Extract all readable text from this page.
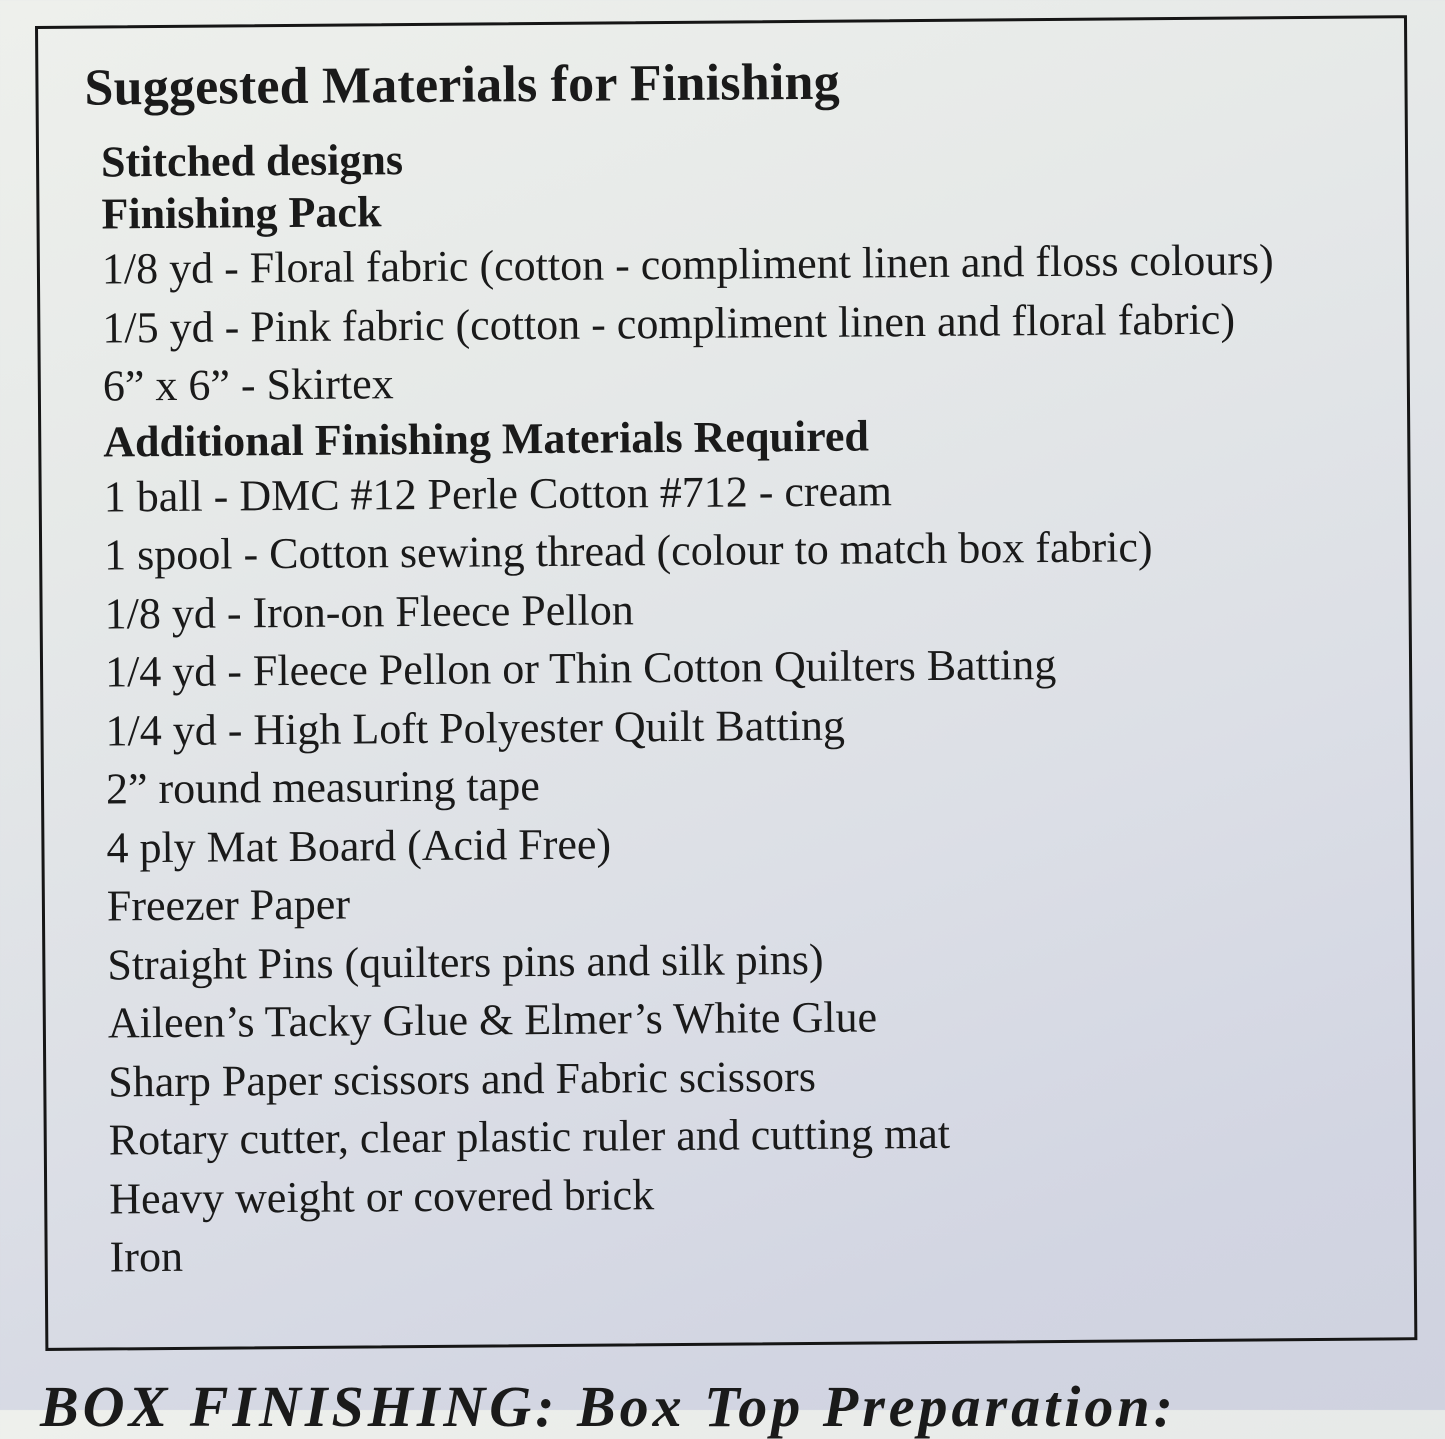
Suggested Materials for Finishing
Stitched designs
Finishing Pack
1/8 yd - Floral fabric (cotton - compliment linen and floss colours)
1/5 yd - Pink fabric (cotton - compliment linen and floral fabric)
6” x 6” - Skirtex
Additional Finishing Materials Required
1 ball - DMC #12 Perle Cotton #712 - cream
1 spool - Cotton sewing thread (colour to match box fabric)
1/8 yd - Iron-on Fleece Pellon
1/4 yd - Fleece Pellon or Thin Cotton Quilters Batting
1/4 yd - High Loft Polyester Quilt Batting
2” round measuring tape
4 ply Mat Board (Acid Free)
Freezer Paper
Straight Pins (quilters pins and silk pins)
Aileen’s Tacky Glue & Elmer’s White Glue
Sharp Paper scissors and Fabric scissors
Rotary cutter, clear plastic ruler and cutting mat
Heavy weight or covered brick
Iron
BOX FINISHING: Box Top Preparation:
